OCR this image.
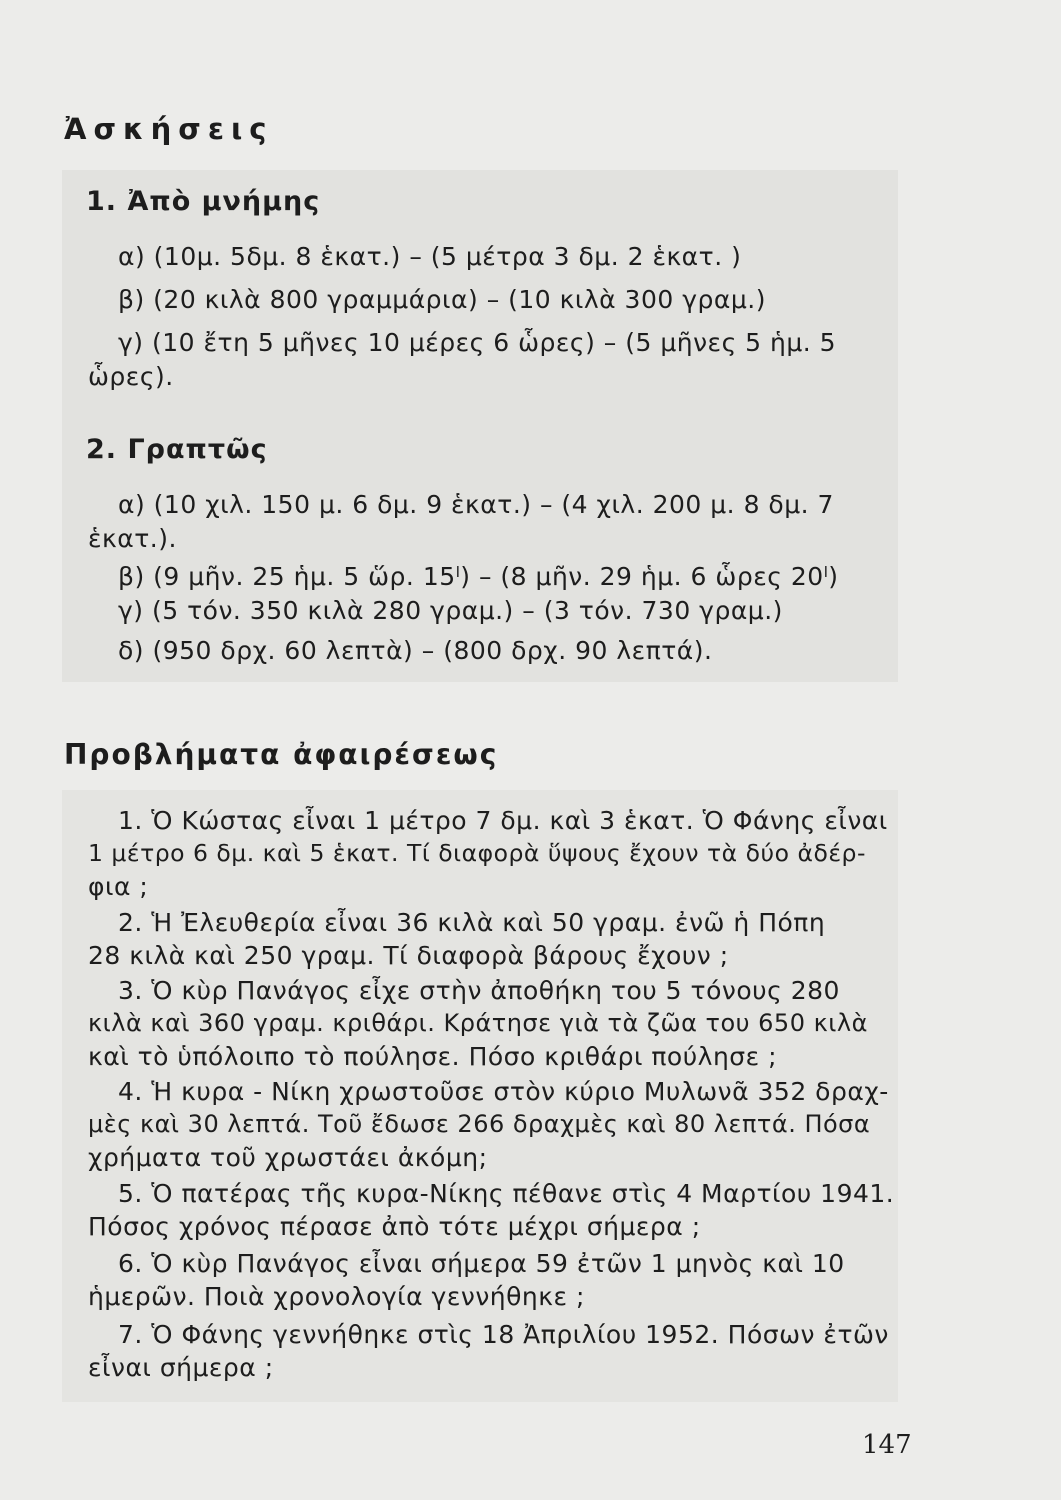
Ἀσκήσεις
1. Ἀπὸ μνήμης
α) (10μ. 5δμ. 8 ἑκατ.) – (5 μέτρα 3 δμ. 2 ἑκατ. )
β) (20 κιλὰ 800 γραμμάρια) – (10 κιλὰ 300 γραμ.)
γ) (10 ἔτη 5 μῆνες 10 μέρες 6 ὧρες) – (5 μῆνες 5 ἡμ. 5
ὧρες).
2. Γραπτῶς
α) (10 χιλ. 150 μ. 6 δμ. 9 ἑκατ.) – (4 χιλ. 200 μ. 8 δμ. 7
ἑκατ.).
β) (9 μῆν. 25 ἡμ. 5 ὥρ. 15ˡ) – (8 μῆν. 29 ἡμ. 6 ὧρες 20ˡ)
γ) (5 τόν. 350 κιλὰ 280 γραμ.) – (3 τόν. 730 γραμ.)
δ) (950 δρχ. 60 λεπτὰ) – (800 δρχ. 90 λεπτά).
Προβλήματα ἀφαιρέσεως
1. Ὁ Κώστας εἶναι 1 μέτρο 7 δμ. καὶ 3 ἑκατ. Ὁ Φάνης εἶναι
1 μέτρο 6 δμ. καὶ 5 ἑκατ. Τί διαφορὰ ὕψους ἔχουν τὰ δύο ἀδέρ-
φια ;
2. Ἡ Ἐλευθερία εἶναι 36 κιλὰ καὶ 50 γραμ. ἐνῶ ἡ Πόπη
28 κιλὰ καὶ 250 γραμ. Τί διαφορὰ βάρους ἔχουν ;
3. Ὁ κὺρ Πανάγος εἶχε στὴν ἀποθήκη του 5 τόνους 280
κιλὰ καὶ 360 γραμ. κριθάρι. Κράτησε γιὰ τὰ ζῶα του 650 κιλὰ
καὶ τὸ ὑπόλοιπο τὸ πούλησε. Πόσο κριθάρι πούλησε ;
4. Ἡ κυρα - Νίκη χρωστοῦσε στὸν κύριο Μυλωνᾶ 352 δραχ-
μὲς καὶ 30 λεπτά. Τοῦ ἔδωσε 266 δραχμὲς καὶ 80 λεπτά. Πόσα
χρήματα τοῦ χρωστάει ἀκόμη;
5. Ὁ πατέρας τῆς κυρα-Νίκης πέθανε στὶς 4 Μαρτίου 1941.
Πόσος χρόνος πέρασε ἀπὸ τότε μέχρι σήμερα ;
6. Ὁ κὺρ Πανάγος εἶναι σήμερα 59 ἐτῶν 1 μηνὸς καὶ 10
ἡμερῶν. Ποιὰ χρονολογία γεννήθηκε ;
7. Ὁ Φάνης γεννήθηκε στὶς 18 Ἀπριλίου 1952. Πόσων ἐτῶν
εἶναι σήμερα ;
147
